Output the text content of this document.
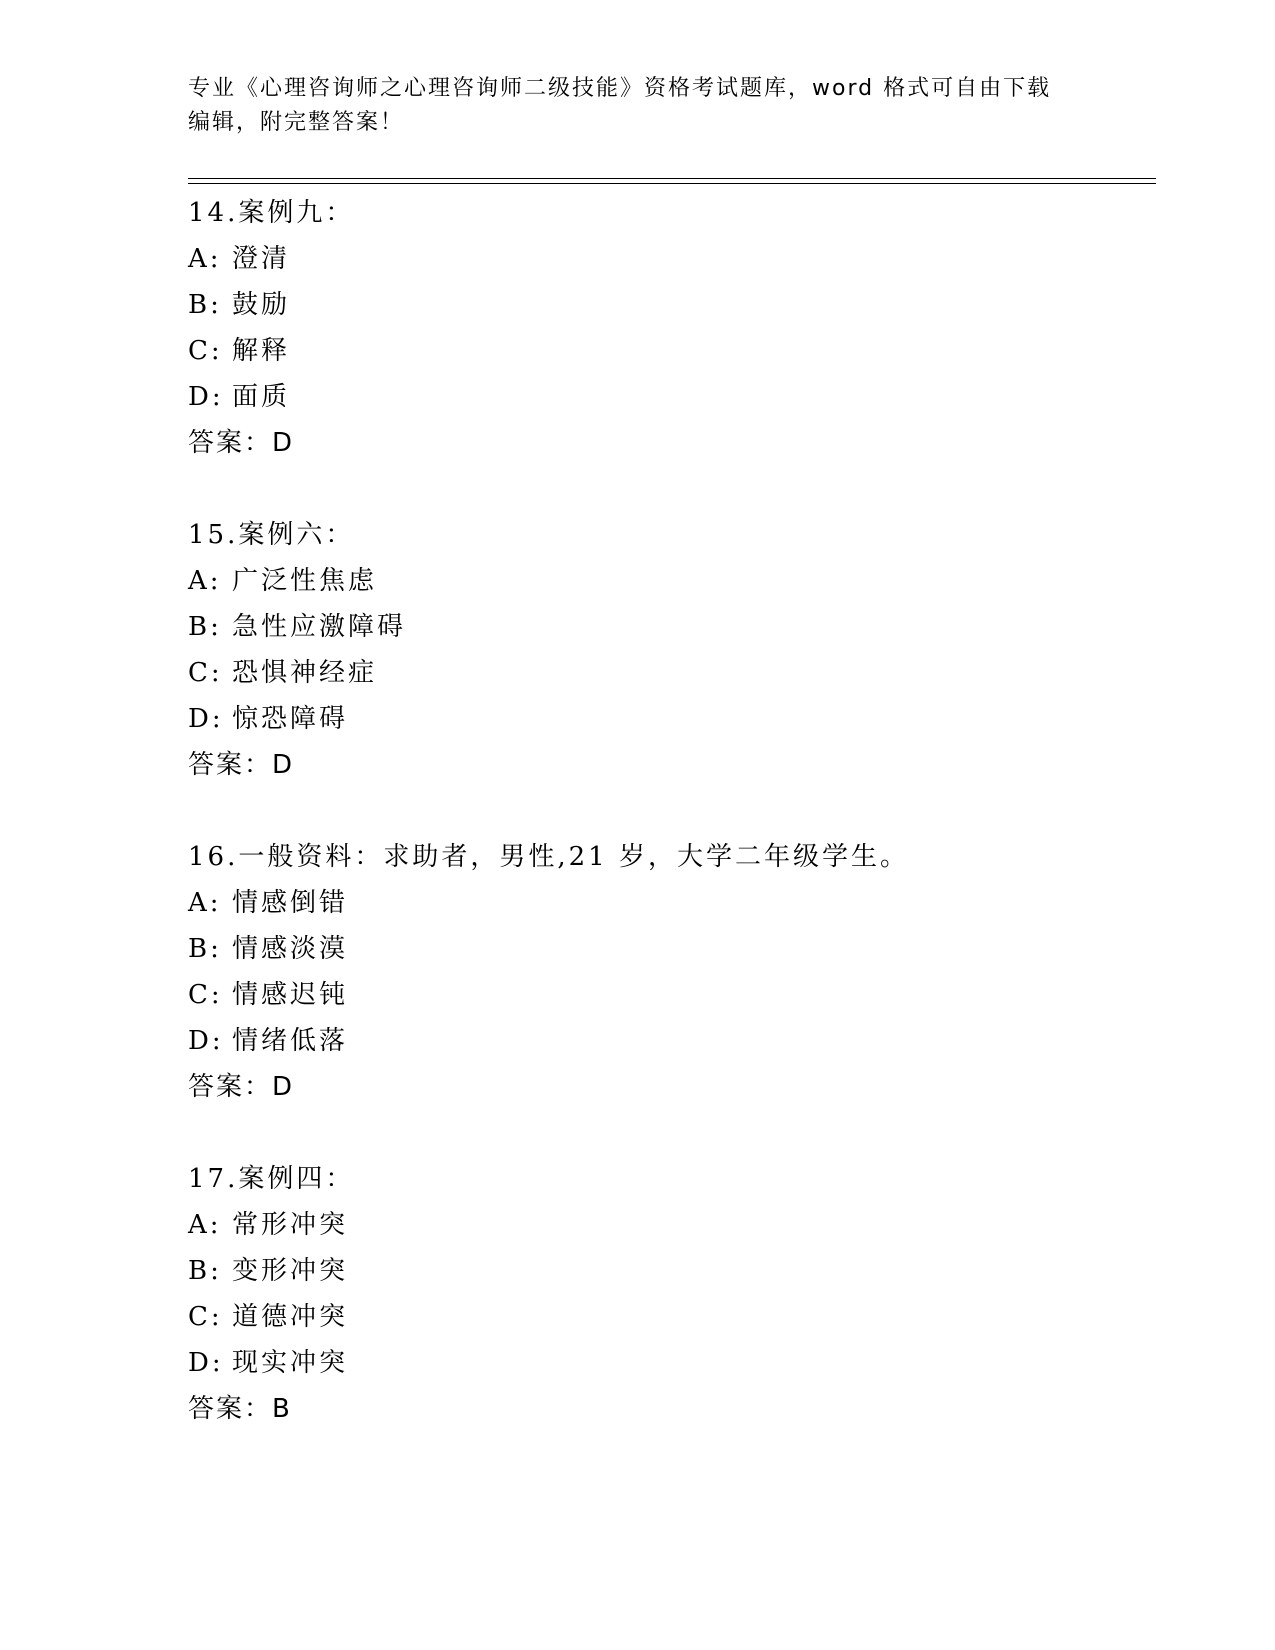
专业《心理咨询师之心理咨询师二级技能》资格考试题库，word 格式可自由下载
编辑，附完整答案！
14.案例九：
A: 澄清
B: 鼓励
C: 解释
D: 面质
答案：D
15.案例六：
A: 广泛性焦虑
B: 急性应激障碍
C: 恐惧神经症
D: 惊恐障碍
答案：D
16.一般资料：求助者，男性,21 岁，大学二年级学生。
A: 情感倒错
B: 情感淡漠
C: 情感迟钝
D: 情绪低落
答案：D
17.案例四：
A: 常形冲突
B: 变形冲突
C: 道德冲突
D: 现实冲突
答案：B
